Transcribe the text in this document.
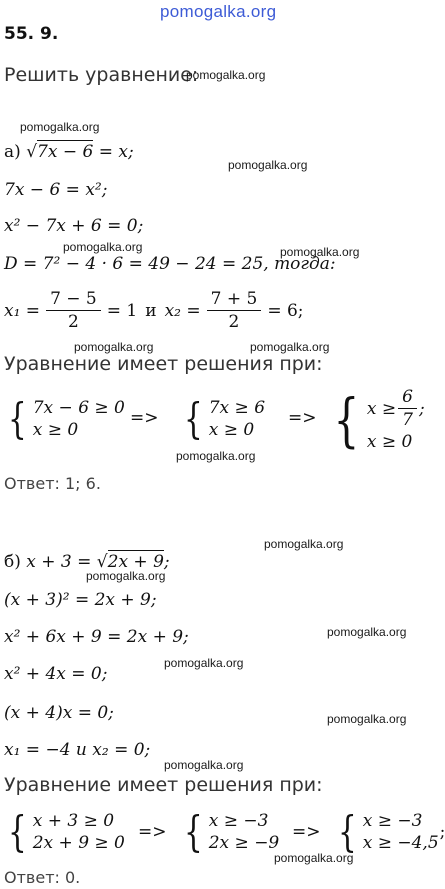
pomogalka.org
55. 9.
Решить уравнение:
pomogalka.org
pomogalka.org
а) √7x − 6 = x;
pomogalka.org
7x − 6 = x²;
x² − 7x + 6 = 0;
pomogalka.org	pomogalka.org
D = 7² − 4 · 6 = 49 − 24 = 25, тогда:
$x_1 = \frac{7 - 5}{2} = 1$ и $x_2 = \frac{7 + 5}{2} = 6$;
pomogalka.org	pomogalka.org
Уравнение имеет решения при:
{ 7x − 6 ≥ 0
x ≥ 0
=> { 7x ≥ 6
x ≥ 0
=> { $x \ge \frac{6}{7}$ ;
x ≥ 0
pomogalka.org
Ответ: 1; 6.
pomogalka.org
б) x + 3 = √2x + 9;
pomogalka.org
(x + 3)² = 2x + 9;
x² + 6x + 9 = 2x + 9;	pomogalka.org
pomogalka.org
x² + 4x = 0;
(x + 4)x = 0;	pomogalka.org
x₁ = −4 и x₂ = 0;
pomogalka.org
Уравнение имеет решения при:
{ x + 3 ≥ 0
2x + 9 ≥ 0
=> { x ≥ −3
2x ≥ −9
=> { x ≥ −3
x ≥ −4,5
;
pomogalka.org
Ответ: 0.
